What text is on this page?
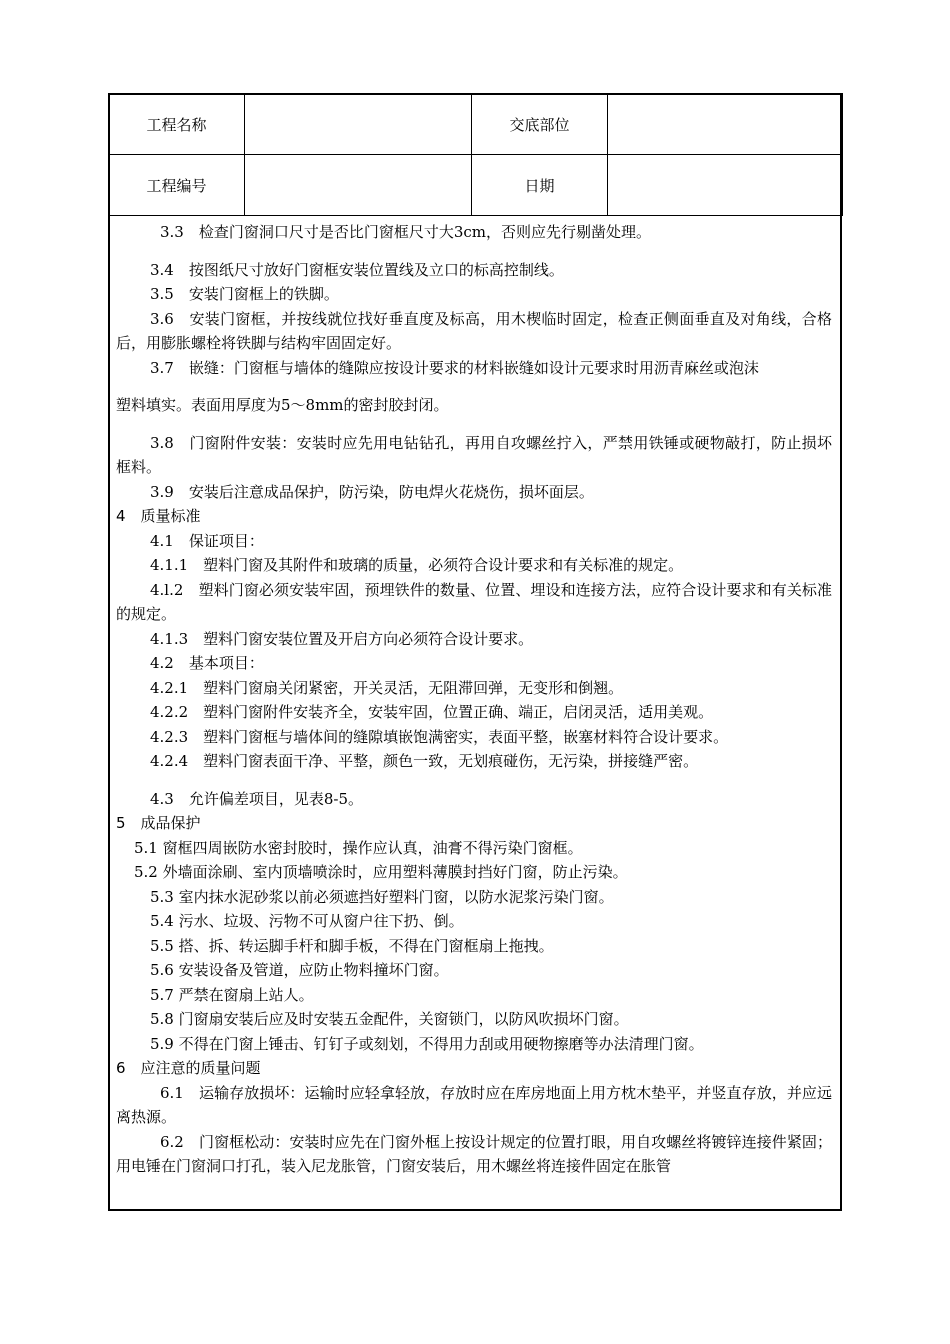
工程名称		交底部位	
工程编号		日期	

3.3　检查门窗洞口尺寸是否比门窗框尺寸大3cm，否则应先行剔凿处理。

3.4　按图纸尺寸放好门窗框安装位置线及立口的标高控制线。

3.5　安装门窗框上的铁脚。

3.6　安装门窗框，并按线就位找好垂直度及标高，用木楔临时固定，检查正侧面垂直及对角线，合格后，用膨胀螺栓将铁脚与结构牢固固定好。

3.7　嵌缝：门窗框与墙体的缝隙应按设计要求的材料嵌缝如设计元要求时用沥青麻丝或泡沫

塑料填实。表面用厚度为5～8mm的密封胶封闭。

3.8　门窗附件安装：安装时应先用电钻钻孔，再用自攻螺丝拧入，严禁用铁锤或硬物敲打，防止损坏框料。

3.9　安装后注意成品保护，防污染，防电焊火花烧伤，损坏面层。

4　质量标准

4.1　保证项目：

4.1.1　塑料门窗及其附件和玻璃的质量，必须符合设计要求和有关标准的规定。

4.l.2　塑料门窗必须安装牢固，预埋铁件的数量、位置、埋设和连接方法，应符合设计要求和有关标准的规定。

4.1.3　塑料门窗安装位置及开启方向必须符合设计要求。

4.2　基本项目：

4.2.1　塑料门窗扇关闭紧密，开关灵活，无阻滞回弹，无变形和倒翘。

4.2.2　塑料门窗附件安装齐全，安装牢固，位置正确、端正，启闭灵活，适用美观。

4.2.3　塑料门窗框与墙体间的缝隙填嵌饱满密实，表面平整，嵌塞材料符合设计要求。

4.2.4　塑料门窗表面干净、平整，颜色一致，无划痕碰伤，无污染，拼接缝严密。

4.3　允许偏差项目，见表8-5。

5　成品保护

5.1 窗框四周嵌防水密封胶时，操作应认真，油膏不得污染门窗框。

5.2 外墙面涂刷、室内顶墙喷涂时，应用塑料薄膜封挡好门窗，防止污染。

5.3 室内抹水泥砂浆以前必须遮挡好塑料门窗，以防水泥浆污染门窗。

5.4 污水、垃圾、污物不可从窗户往下扔、倒。

5.5 搭、拆、转运脚手杆和脚手板，不得在门窗框扇上拖拽。

5.6 安装设备及管道，应防止物料撞坏门窗。

5.7 严禁在窗扇上站人。

5.8 门窗扇安装后应及时安装五金配件，关窗锁门，以防风吹损坏门窗。

5.9 不得在门窗上锤击、钉钉子或刻划，不得用力刮或用硬物擦磨等办法清理门窗。

6　应注意的质量问题

6.1　运输存放损坏：运输时应轻拿轻放，存放时应在库房地面上用方枕木垫平，并竖直存放，并应远离热源。

6.2　门窗框松动：安装时应先在门窗外框上按设计规定的位置打眼，用自攻螺丝将镀锌连接件紧固；用电锤在门窗洞口打孔，装入尼龙胀管，门窗安装后，用木螺丝将连接件固定在胀管
